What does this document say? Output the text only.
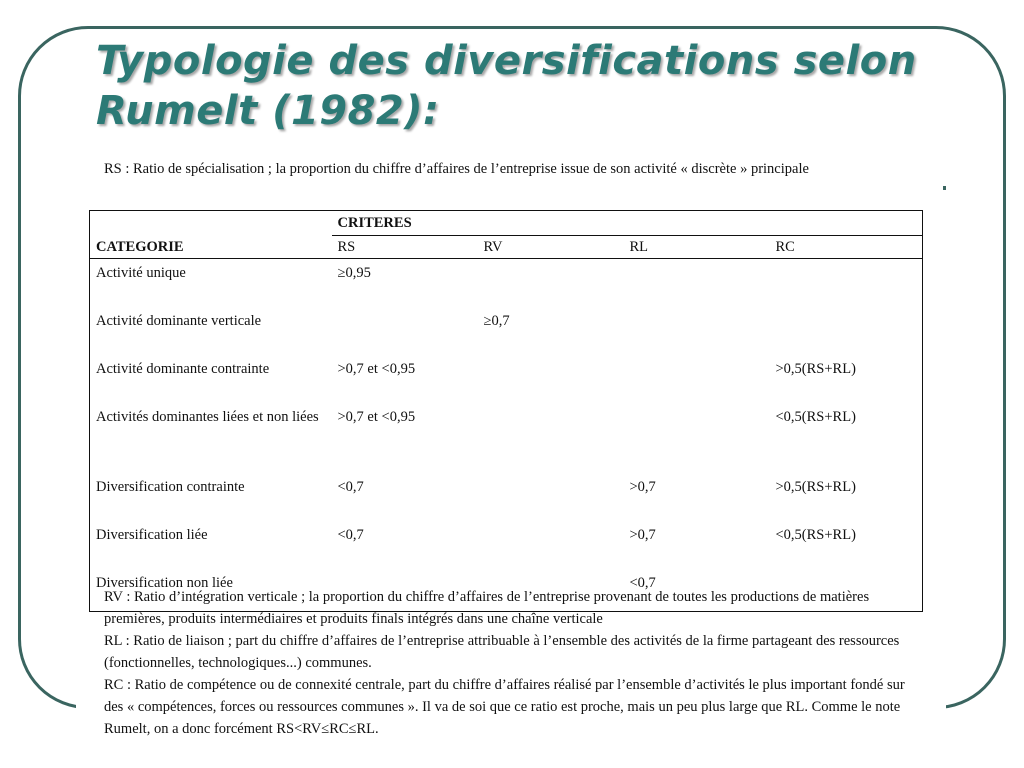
Typologie des diversifications selon Rumelt (1982):
RS : Ratio de spécialisation ; la proportion du chiffre d’affaires de l’entreprise issue de son activité « discrète » principale
	CRITERES			
CATEGORIE	RS	RV	RL	RC
Activité unique	≥0,95			
Activité dominante verticale		≥0,7		
Activité dominante contrainte	>0,7 et <0,95			>0,5(RS+RL)
Activités dominantes liées et non liées	>0,7 et <0,95			<0,5(RS+RL)
Diversification contrainte	<0,7		>0,7	>0,5(RS+RL)
Diversification liée	<0,7		>0,7	<0,5(RS+RL)
Diversification non liée			<0,7	
RV : Ratio d’intégration verticale ; la proportion du chiffre d’affaires de l’entreprise provenant de toutes les productions de matières premières, produits intermédiaires et produits finals intégrés dans une chaîne verticale
RL : Ratio de liaison ; part du chiffre d’affaires de l’entreprise attribuable à l’ensemble des activités de la firme partageant des ressources (fonctionnelles, technologiques...) communes.
RC : Ratio de compétence ou de connexité centrale, part du chiffre d’affaires réalisé par l’ensemble d’activités le plus important fondé sur des « compétences, forces ou ressources communes ». Il va de soi que ce ratio est proche, mais un peu plus large que RL. Comme le note Rumelt, on a donc forcément RS<RV≤RC≤RL.
